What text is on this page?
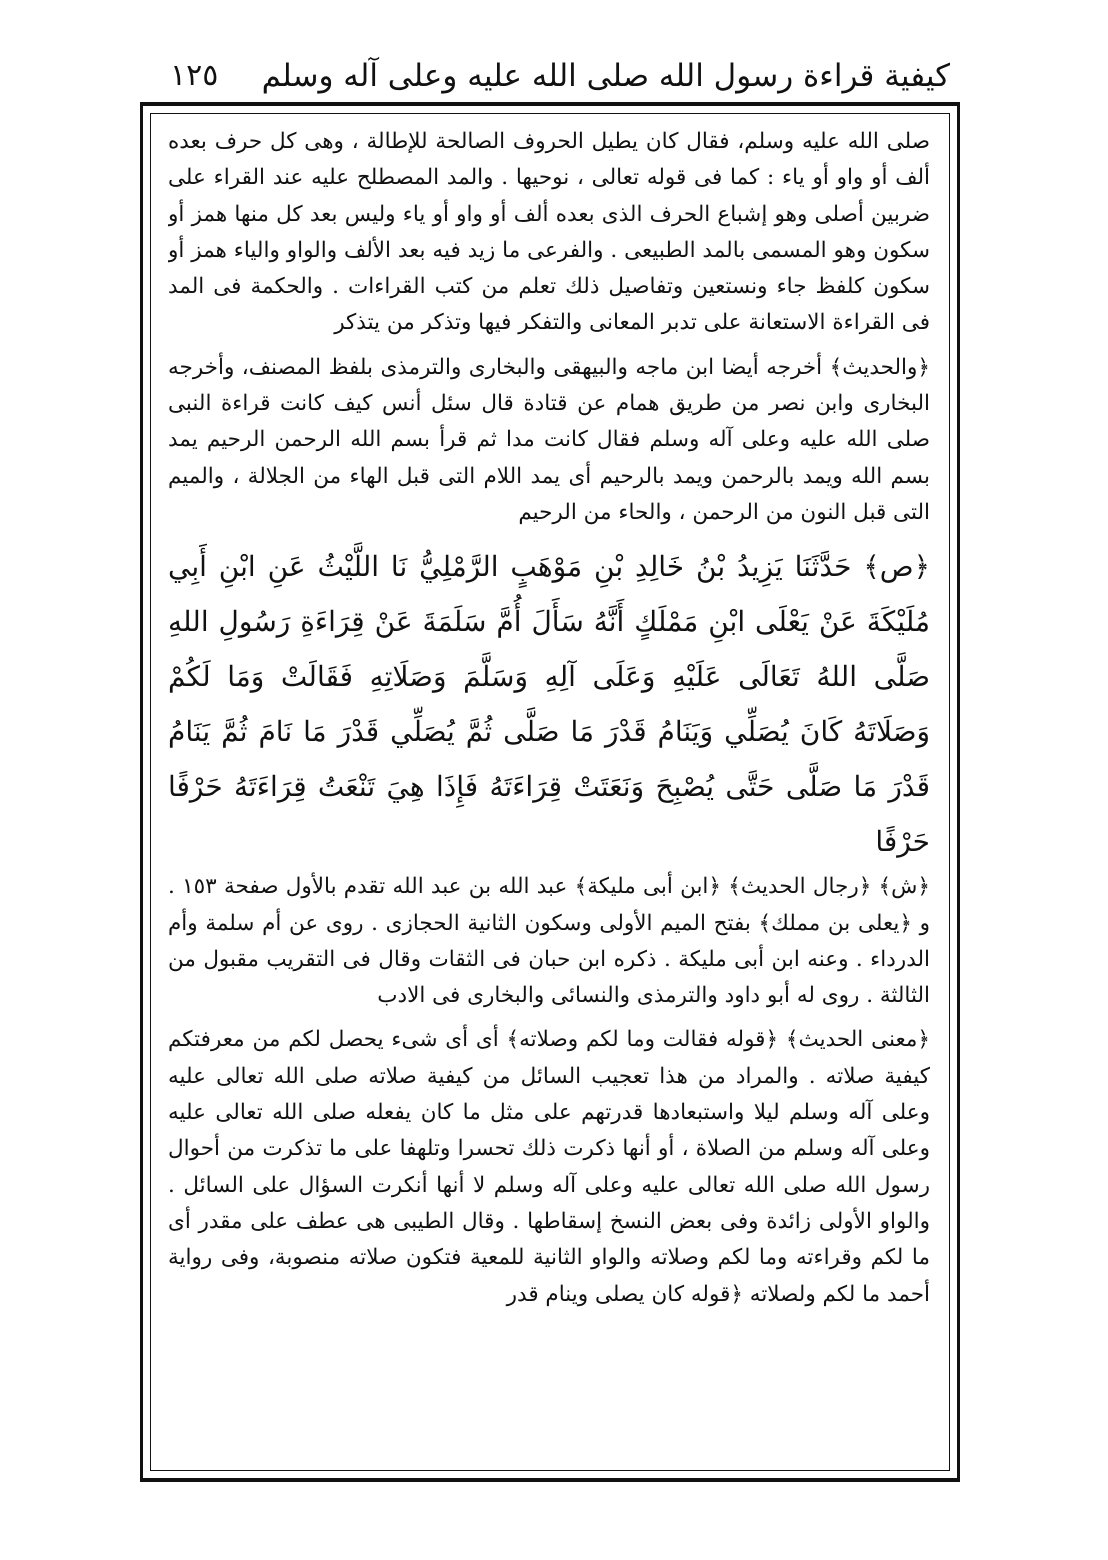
كيفية قراءة رسول الله صلى الله عليه وعلى آله وسلم
١٢٥

صلى الله عليه وسلم، فقال كان يطيل الحروف الصالحة للإطالة ، وهى كل حرف بعده ألف أو واو أو ياء : كما فى قوله تعالى ، نوحيها . والمد المصطلح عليه عند القراء على ضربين أصلى وهو إشباع الحرف الذى بعده ألف أو واو أو ياء وليس بعد كل منها همز أو سكون وهو المسمى بالمد الطبيعى . والفرعى ما زيد فيه بعد الألف والواو والياء همز أو سكون كلفظ جاء ونستعين وتفاصيل ذلك تعلم من كتب القراءات . والحكمة فى المد فى القراءة الاستعانة على تدبر المعانى والتفكر فيها وتذكر من يتذكر

﴿والحديث﴾ أخرجه أيضا ابن ماجه والبيهقى والبخارى والترمذى بلفظ المصنف، وأخرجه البخارى وابن نصر من طريق همام عن قتادة قال سئل أنس كيف كانت قراءة النبى صلى الله عليه وعلى آله وسلم فقال كانت مدا ثم قرأ بسم الله الرحمن الرحيم يمد بسم الله ويمد بالرحمن ويمد بالرحيم أى يمد اللام التى قبل الهاء من الجلالة ، والميم التى قبل النون من الرحمن ، والحاء من الرحيم

﴿ص﴾ حَدَّثَنَا يَزِيدُ بْنُ خَالِدِ بْنِ مَوْهَبٍ الرَّمْلِيُّ نَا اللَّيْثُ عَنِ ابْنِ أَبِي مُلَيْكَةَ عَنْ يَعْلَى ابْنِ مَمْلَكٍ أَنَّهُ سَأَلَ أُمَّ سَلَمَةَ عَنْ قِرَاءَةِ رَسُولِ اللهِ صَلَّى اللهُ تَعَالَى عَلَيْهِ وَعَلَى آلِهِ وَسَلَّمَ وَصَلَاتِهِ فَقَالَتْ وَمَا لَكُمْ وَصَلَاتَهُ كَانَ يُصَلِّي وَيَنَامُ قَدْرَ مَا صَلَّى ثُمَّ يُصَلِّي قَدْرَ مَا نَامَ ثُمَّ يَنَامُ قَدْرَ مَا صَلَّى حَتَّى يُصْبِحَ وَنَعَتَتْ قِرَاءَتَهُ فَإِذَا هِيَ تَنْعَتُ قِرَاءَتَهُ حَرْفًا حَرْفًا

﴿ش﴾ ﴿رجال الحديث﴾ ﴿ابن أبى مليكة﴾ عبد الله بن عبد الله تقدم بالأول صفحة ١٥٣ . و ﴿يعلى بن مملك﴾ بفتح الميم الأولى وسكون الثانية الحجازى . روى عن أم سلمة وأم الدرداء . وعنه ابن أبى مليكة . ذكره ابن حبان فى الثقات وقال فى التقريب مقبول من الثالثة . روى له أبو داود والترمذى والنسائى والبخارى فى الادب

﴿معنى الحديث﴾ ﴿قوله فقالت وما لكم وصلاته﴾ أى أى شىء يحصل لكم من معرفتكم كيفية صلاته . والمراد من هذا تعجيب السائل من كيفية صلاته صلى الله تعالى عليه وعلى آله وسلم ليلا واستبعادها قدرتهم على مثل ما كان يفعله صلى الله تعالى عليه وعلى آله وسلم من الصلاة ، أو أنها ذكرت ذلك تحسرا وتلهفا على ما تذكرت من أحوال رسول الله صلى الله تعالى عليه وعلى آله وسلم لا أنها أنكرت السؤال على السائل . والواو الأولى زائدة وفى بعض النسخ إسقاطها . وقال الطيبى هى عطف على مقدر أى ما لكم وقراءته وما لكم وصلاته والواو الثانية للمعية فتكون صلاته منصوبة، وفى رواية أحمد ما لكم ولصلاته ﴿قوله كان يصلى وينام قدر
